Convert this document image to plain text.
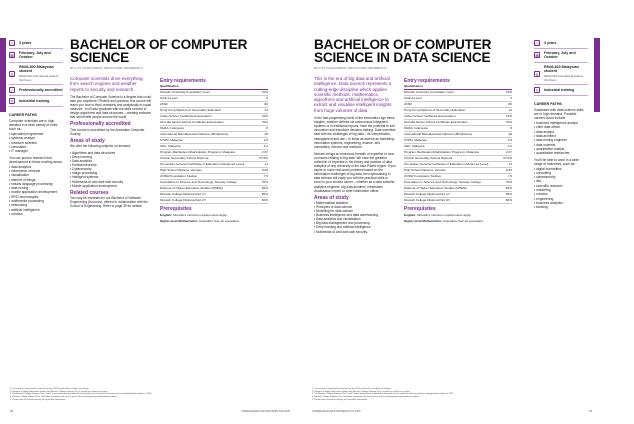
◷	3 years
▦
February, July and October
$
RM46,800 Malaysian student
RM40,640 International student (Full fees)
✓	Professionally accredited
✎	Industrial training
CAREER PATHS

Computer scientists are in high demand in a wide variety of roles, such as:

• specialist programmer
• systems analyst
• research scientist
• consultant
• IT manager.

You can pursue research and development in these exciting areas:

• data analytics
• information retrieval
• visualisation
• internet of things
• natural language processing
• data mining
• mobile application development
• RFID technologies
• multimedia processing
• networking
• artificial intelligence
• robotics.
BACHELOR OF COMPUTER SCIENCE
MTU | PT | SCHOLARSHIP | CRICOS CODE: MAN4MM200 CI

Computer scientists drive everything, from search engines and weather reports to security and research.

The Bachelor of Computer Science is a degree that could take you anywhere. Flexible and practical, this course will teach you how to think creatively and analytically to equal measure. You'll also graduate with the skills needed to design algorithms and data structures – creating software that will benefit people around the world.

Professionally accredited

This course is accredited by the Australian Computer Society.

Areas of study

We offer the following subjects on demand:

• Algorithms and data structures
• Deep learning
• Data analytics
• Entrepreneurship
• Cybersecurity
• Image processing
• Intelligent systems
• Multimedia AI and dark side security
• Mobile application development.
Related courses

You may be interested in our Bachelor of Software Engineering (Honours), offered in collaboration with the School of Engineering. Refer to page 39 for details.

Entry requirements
Qualification
Monash University Foundation Year¹	70%
GCE A Level	6
ATAR	80
Hong Kong Diploma of Secondary Education	14
Indian School Certificate Examination	70%
All India Senior School Certificate Examination	70%
SMA3, Indonesia	8
International Baccalaureate Diploma (IB Diploma)	28
STPM, Malaysia	2.5
UEC, Malaysia	4.2
Program Matrikulasi (Matrikulation Program), Malaysia	2.67
Ontario Secondary School Diploma	67.5%
Sri Lankan General Certificate of Education (Advanced Level)	11
High School Diploma, Vietnam	8.25
UNSW Foundation Studies	7.5
Foundation in Science and Technology, Sunway College	70%
Diploma of Higher Education Studies (DHES)²	65%
Monash College Diploma Part 1²³	65%
Monash College Diploma Part 2²³	60%
Prerequisites

English: Monash's minimum requirements apply.

Higher level Mathematics: Australian Year 12 equivalent.

1. The entrance requirements listed are for the 2025 intake and are subject to change.
2. Diploma of Higher Education Studies and Monash College Diploma Part 1 results are subject to change.
3. The Monash College Diploma Part 1 and 2 entry requirements published in this guide are for students commencing their undergraduate studies in 2025.
4. Monash College Diploma Part 1 provides a pathway into the first year of the corresponding undergraduate studies.
5. Please refer to monash.edu.my for up-to-date information.
38	UNDERGRADUATE PROSPECTUS 2025
INFORMATION TECHNOLOGY
BACHELOR OF COMPUTER SCIENCE IN DATA SCIENCE
MTU | PT | SCHOLARSHIP | CRICOS CODE: MAN4MM200 CI

This is the era of big data and artificial intelligence. Data science represents a cutting-edge discipline which applies scientific methods, mathematics, algorithms and artificial intelligence to extract and visualise intelligent insights from huge volumes of data.

In the fast-progressing world of the information age these insights, whether defined via autonomous integrated systems or in traditional reports, have the potential to fuel innovation and transform decision-making. Data scientists deal with the challenges of big data – its interpretation, management and use – in fields as diverse as marketing, information systems, engineering, finance, arts, humanities, science and medicine.

Monash brings an enormous breadth of expertise to bear on issues relating to big data. We have the greatest collection of expertise in the theory and practice of data analytics of any university in the Asia-Pacific region. If you aspire to solve real-world problems based on the information challenges of big data, then specialising in data science will equip you with the practical skills to excel in your chosen career – whether as a data scientist, analytics engineer, big data architect, information visualisation expert or chief information officer.

Areas of study
• Mathematical statistics
• Principles of data science
• Modelling for data science
• Business intelligence and data warehousing
• Data analytics and visualisation
• Big data management and processing
• Deep learning and artificial intelligence
• Multimedia AI and dark side security.
Entry requirements
Qualification
Monash University Foundation Year¹	70%
GCE A Level	6
ATAR	80
Hong Kong Diploma of Secondary Education	14
Indian School Certificate Examination	70%
All India Senior School Certificate Examination	70%
SMA3, Indonesia	8
International Baccalaureate Diploma (IB Diploma)	28
STPM, Malaysia	2.5
UEC, Malaysia	4.2
Program Matrikulasi (Matrikulation Program), Malaysia	2.67
Ontario Secondary School Diploma	67.5%
Sri Lankan General Certificate of Education (Advanced Level)	11
High School Diploma, Vietnam	8.25
UNSW Foundation Studies	7.5
Foundation in Science and Technology, Sunway College	70%
Diploma of Higher Education Studies (DHES)²	65%
Monash College Diploma Part 1²³	65%
Monash College Diploma Part 2²³	60%
Prerequisites

English: Monash's minimum requirements apply.

Higher level Mathematics: Australian Year 12 equivalent.

◷	3 years
▦
February, July and October
$
RM46,820 Malaysian student
RM40,640 International student (Full fees)
✎	Industrial training
CAREER PATHS

Graduates with data science skills are in high demand. Possible careers could include:

• business intelligence analyst
• chief data officer
• data analyst
• data architect
• data mining engineer
• data scientist
• quantitative analyst
• quantitative researcher.

You'll be able to work in a wide range of industries, such as:

• digital humanities
• consulting
• cybersecurity
• law
• scientific research
• marketing
• robotics
• engineering
• business analytics
• banking.
1. The entrance requirements listed are for the 2025 intake and are subject to change.
2. Diploma of Higher Education Studies and Monash College Diploma Part 1 results are subject to change.
3. The Monash College Diploma Part 1 and 2 entry requirements published in this guide are for students commencing their undergraduate studies in 2025.
4. Monash College Diploma Part 1 provides a pathway into the first year of the corresponding undergraduate studies.
5. Please refer to monash.edu.my for up-to-date information.
UNDERGRADUATE PROSPECTUS 2025	39
